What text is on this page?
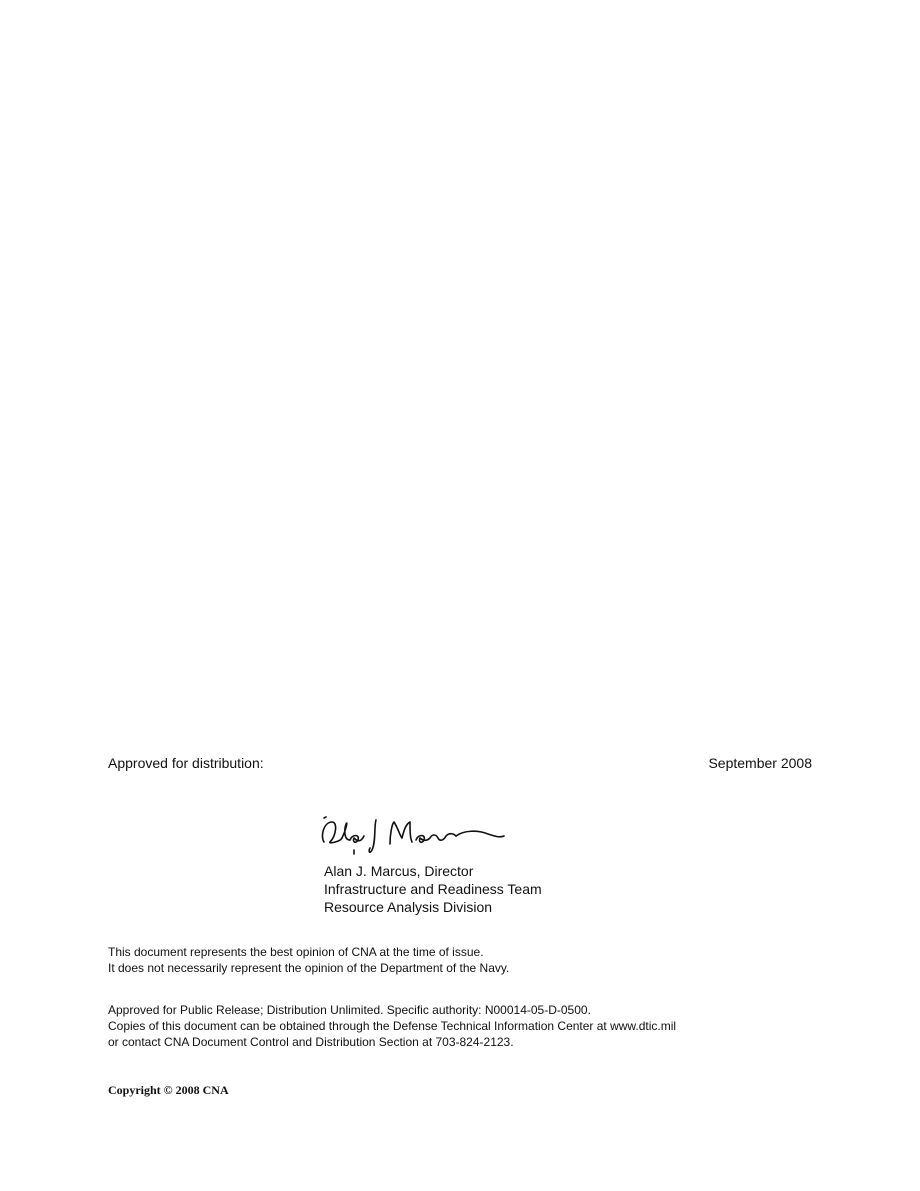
Approved for distribution:	September 2008
Alan J. Marcus, Director
Infrastructure and Readiness Team
Resource Analysis Division
This document represents the best opinion of CNA at the time of issue.
It does not necessarily represent the opinion of the Department of the Navy.
Approved for Public Release; Distribution Unlimited. Specific authority: N00014-05-D-0500.
Copies of this document can be obtained through the Defense Technical Information Center at www.dtic.mil
or contact CNA Document Control and Distribution Section at 703-824-2123.
Copyright © 2008 CNA
